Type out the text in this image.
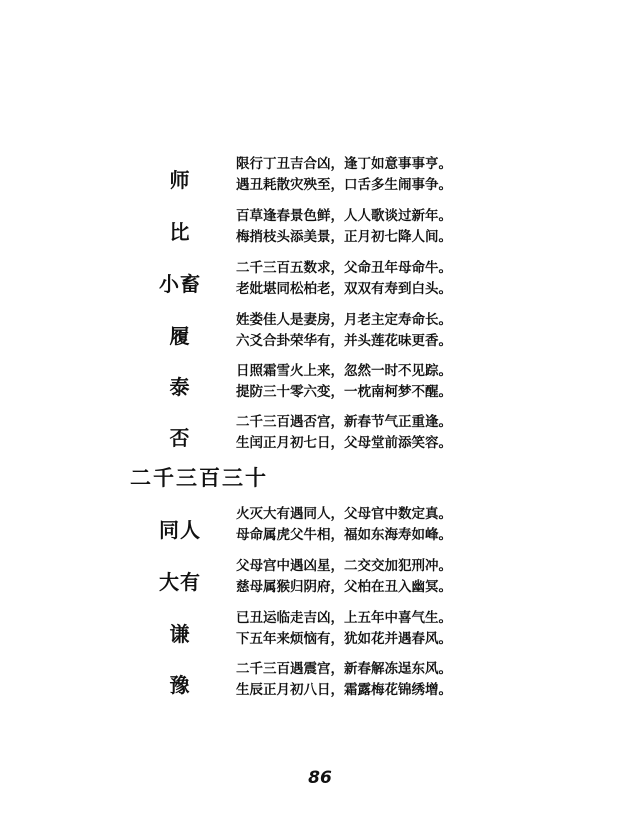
师
限行丁丑吉合凶，逢丁如意事事亨。
遇丑耗散灾殃至，口舌多生闹事争。
比
百草逢春景色鲜，人人歌谈过新年。
梅捎枝头添美景，正月初七降人间。
小畜
二千三百五数求，父命丑年母命牛。
老妣堪同松柏老，双双有寿到白头。
履
姓娄佳人是妻房，月老主定寿命长。
六爻合卦荣华有，并头莲花味更香。
泰
日照霜雪火上来，忽然一时不见踪。
提防三十零六变，一枕南柯梦不醒。
否
二千三百遇否宫，新春节气正重逢。
生闰正月初七日，父母堂前添笑容。
二千三百三十
同人
火灭大有遇同人，父母官中数定真。
母命属虎父牛相，福如东海寿如峰。
大有
父母宫中遇凶星，二交交加犯刑冲。
慈母属猴归阴府，父柏在丑入幽冥。
谦
已丑运临走吉凶，上五年中喜气生。
下五年来烦恼有，犹如花并遇春风。
豫
二千三百遇震宫，新春解冻逞东风。
生辰正月初八日，霜露梅花锦绣增。
86
